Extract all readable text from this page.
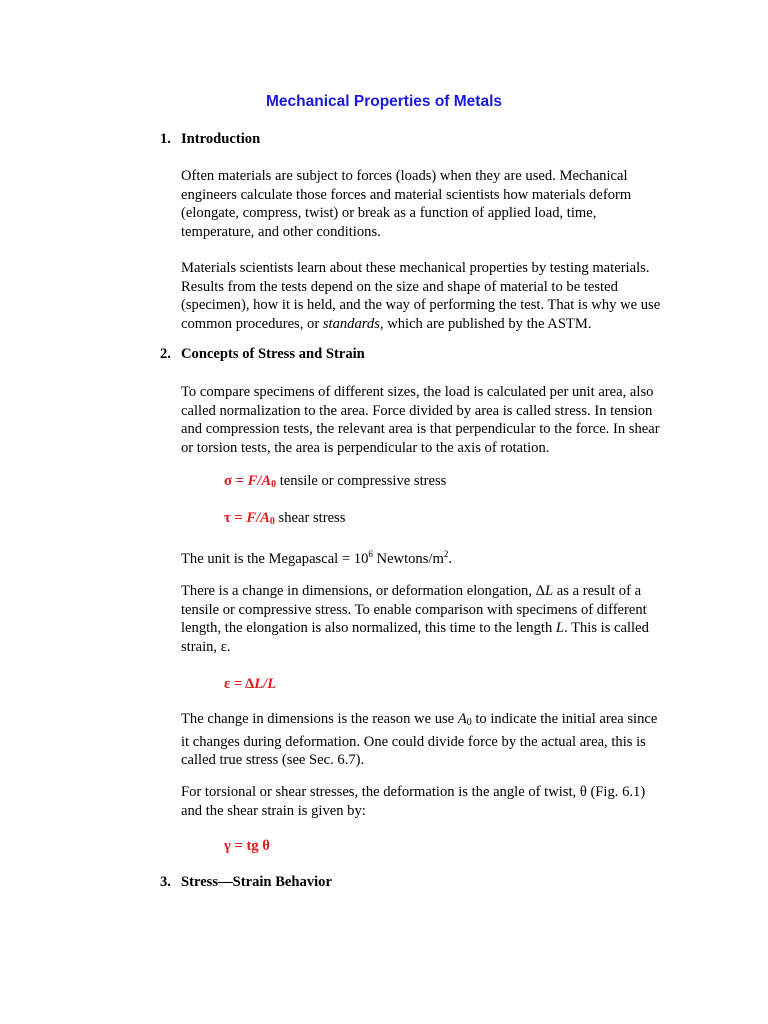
Mechanical Properties of Metals
1. Introduction
Often materials are subject to forces (loads) when they are used. Mechanical
engineers calculate those forces and material scientists how materials deform
(elongate, compress, twist) or break as a function of applied load, time,
temperature, and other conditions.
Materials scientists learn about these mechanical properties by testing materials.
Results from the tests depend on the size and shape of material to be tested
(specimen), how it is held, and the way of performing the test. That is why we use
common procedures, or standards, which are published by the ASTM.
2. Concepts of Stress and Strain
To compare specimens of different sizes, the load is calculated per unit area, also
called normalization to the area. Force divided by area is called stress. In tension
and compression tests, the relevant area is that perpendicular to the force. In shear
or torsion tests, the area is perpendicular to the axis of rotation.
$\sigma = F/A_0$ tensile or compressive stress
$\tau = F/A_0$ shear stress
The unit is the Megapascal = $10^6$ Newtons/$m^2$.
There is a change in dimensions, or deformation elongation, ΔL as a result of a
tensile or compressive stress. To enable comparison with specimens of different
length, the elongation is also normalized, this time to the length L. This is called
strain, ε.
ε = ΔL/L
The change in dimensions is the reason we use $A_0$ to indicate the initial area since
it changes during deformation. One could divide force by the actual area, this is
called true stress (see Sec. 6.7).
For torsional or shear stresses, the deformation is the angle of twist, θ (Fig. 6.1)
and the shear strain is given by:
γ = tg θ
3. Stress—Strain Behavior
